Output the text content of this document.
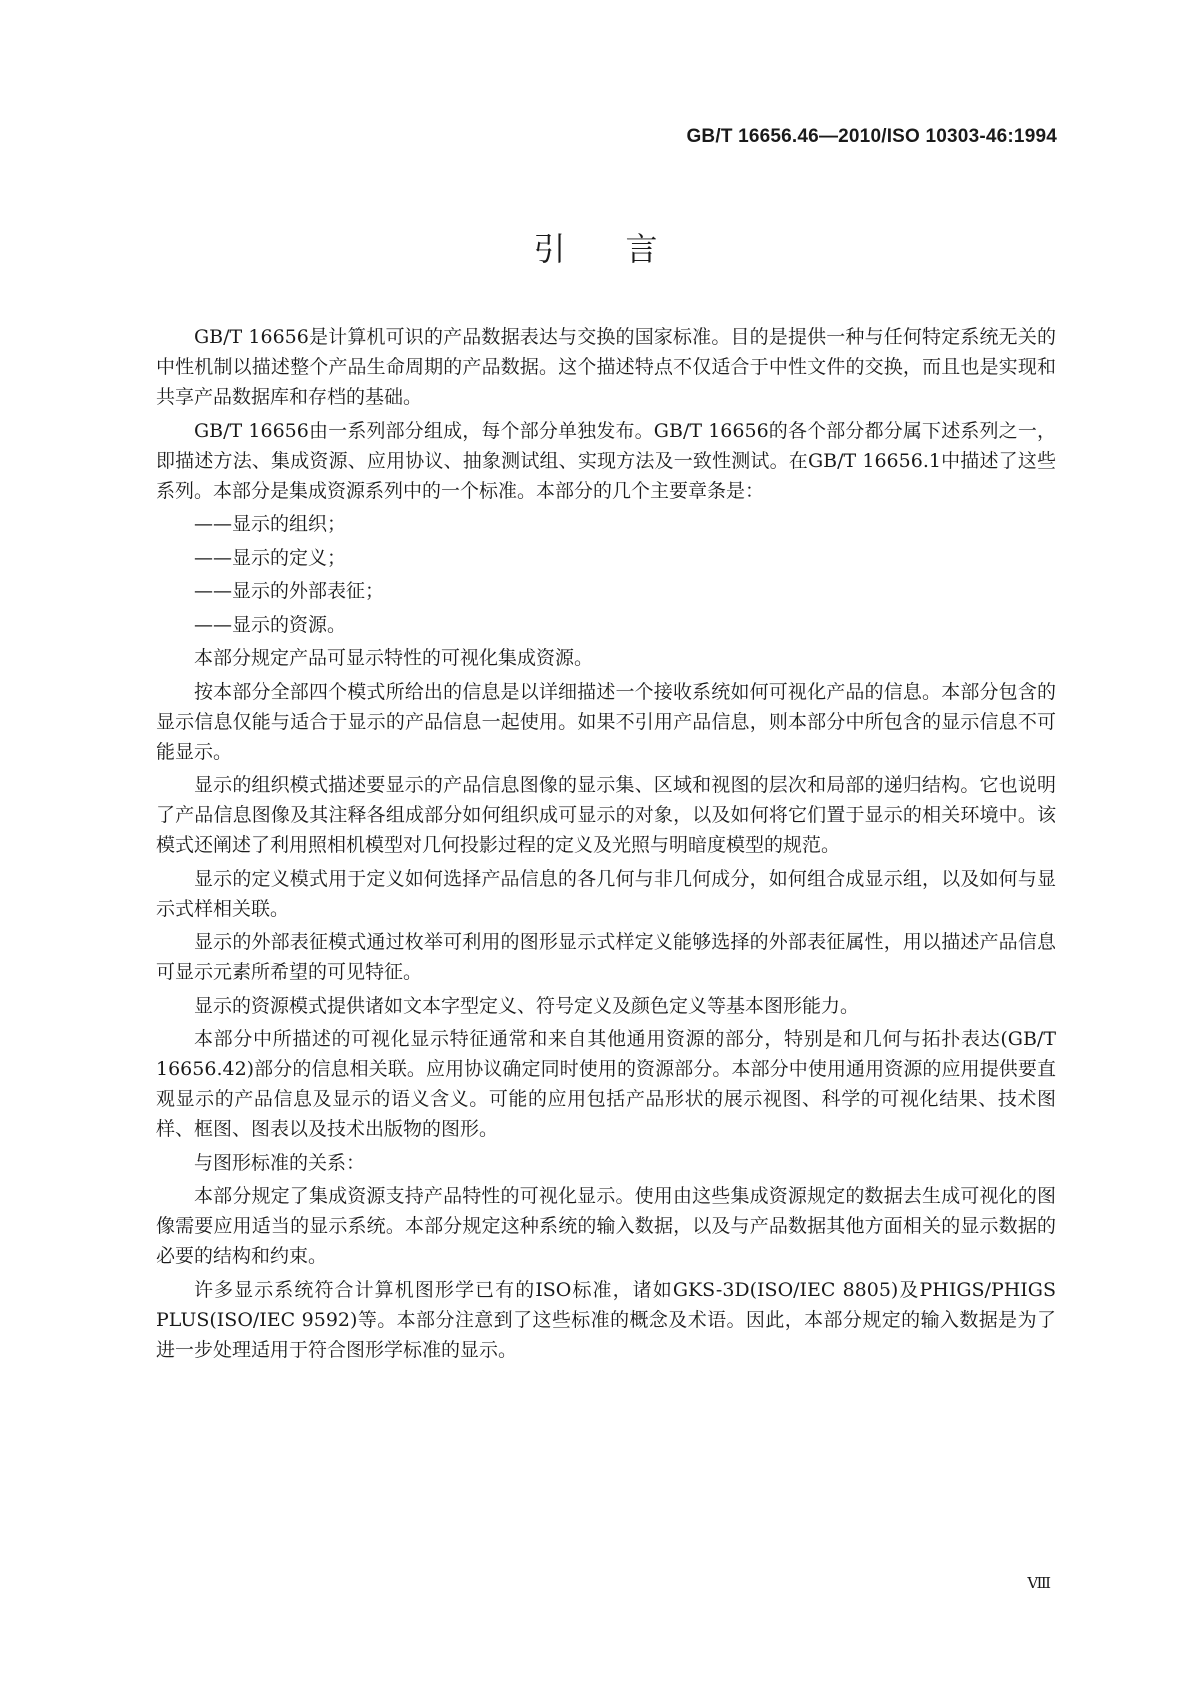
GB/T 16656.46—2010/ISO 10303-46:1994
引言

GB/T 16656是计算机可识的产品数据表达与交换的国家标准。目的是提供一种与任何特定系统无关的中性机制以描述整个产品生命周期的产品数据。这个描述特点不仅适合于中性文件的交换，而且也是实现和共享产品数据库和存档的基础。

GB/T 16656由一系列部分组成，每个部分单独发布。GB/T 16656的各个部分都分属下述系列之一，即描述方法、集成资源、应用协议、抽象测试组、实现方法及一致性测试。在GB/T 16656.1中描述了这些系列。本部分是集成资源系列中的一个标准。本部分的几个主要章条是：

——显示的组织；

——显示的定义；

——显示的外部表征；

——显示的资源。

本部分规定产品可显示特性的可视化集成资源。

按本部分全部四个模式所给出的信息是以详细描述一个接收系统如何可视化产品的信息。本部分包含的显示信息仅能与适合于显示的产品信息一起使用。如果不引用产品信息，则本部分中所包含的显示信息不可能显示。

显示的组织模式描述要显示的产品信息图像的显示集、区域和视图的层次和局部的递归结构。它也说明了产品信息图像及其注释各组成部分如何组织成可显示的对象，以及如何将它们置于显示的相关环境中。该模式还阐述了利用照相机模型对几何投影过程的定义及光照与明暗度模型的规范。

显示的定义模式用于定义如何选择产品信息的各几何与非几何成分，如何组合成显示组，以及如何与显示式样相关联。

显示的外部表征模式通过枚举可利用的图形显示式样定义能够选择的外部表征属性，用以描述产品信息可显示元素所希望的可见特征。

显示的资源模式提供诸如文本字型定义、符号定义及颜色定义等基本图形能力。

本部分中所描述的可视化显示特征通常和来自其他通用资源的部分，特别是和几何与拓扑表达(GB/T 16656.42)部分的信息相关联。应用协议确定同时使用的资源部分。本部分中使用通用资源的应用提供要直观显示的产品信息及显示的语义含义。可能的应用包括产品形状的展示视图、科学的可视化结果、技术图样、框图、图表以及技术出版物的图形。

与图形标准的关系：

本部分规定了集成资源支持产品特性的可视化显示。使用由这些集成资源规定的数据去生成可视化的图像需要应用适当的显示系统。本部分规定这种系统的输入数据，以及与产品数据其他方面相关的显示数据的必要的结构和约束。

许多显示系统符合计算机图形学已有的ISO标准，诸如GKS-3D(ISO/IEC 8805)及PHIGS/PHIGS PLUS(ISO/IEC 9592)等。本部分注意到了这些标准的概念及术语。因此，本部分规定的输入数据是为了进一步处理适用于符合图形学标准的显示。

Ⅷ
